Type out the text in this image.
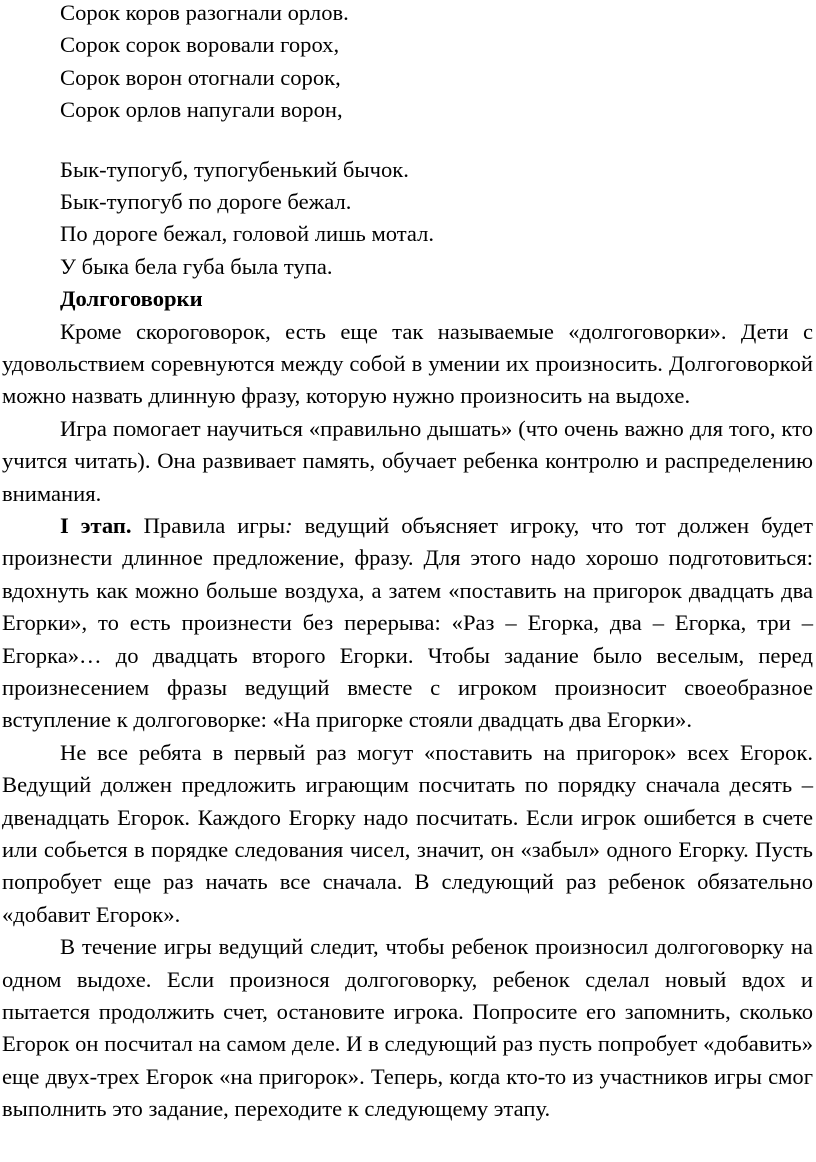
Сорок коров разогнали орлов.
Сорок сорок воровали горох,
Сорок ворон отогнали сорок,
Сорок орлов напугали ворон,
Бык-тупогуб, тупогубенький бычок.
Бык-тупогуб по дороге бежал.
По дороге бежал, головой лишь мотал.
У быка бела губа была тупа.
Долгоговорки

Кроме скороговорок, есть еще так называемые «долгоговорки». Дети с удовольствием соревнуются между собой в умении их произносить. Долгоговоркой можно назвать длинную фразу, которую нужно произносить на выдохе.

Игра помогает научиться «правильно дышать» (что очень важно для того, кто учится читать). Она развивает память, обучает ребенка контролю и распределению внимания.

I этап. Правила игры: ведущий объясняет игроку, что тот должен будет произнести длинное предложение, фразу. Для этого надо хорошо подготовиться: вдохнуть как можно больше воздуха, а затем «поставить на пригорок двадцать два Егорки», то есть произнести без перерыва: «Раз – Егорка, два – Егорка, три – Егорка»… до двадцать второго Егорки. Чтобы задание было веселым, перед произнесением фразы ведущий вместе с игроком произносит своеобразное вступление к долгоговорке: «На пригорке стояли двадцать два Егорки».

Не все ребята в первый раз могут «поставить на пригорок» всех Егорок. Ведущий должен предложить играющим посчитать по порядку сначала десять – двенадцать Егорок. Каждого Егорку надо посчитать. Если игрок ошибется в счете или собьется в порядке следования чисел, значит, он «забыл» одного Егорку. Пусть попробует еще раз начать все сначала. В следующий раз ребенок обязательно «добавит Егорок».

В течение игры ведущий следит, чтобы ребенок произносил долгоговорку на одном выдохе. Если произнося долгоговорку, ребенок сделал новый вдох и пытается продолжить счет, остановите игрока. Попросите его запомнить, сколько Егорок он посчитал на самом деле. И в следующий раз пусть попробует «добавить» еще двух-трех Егорок «на пригорок». Теперь, когда кто-то из участников игры смог выполнить это задание, переходите к следующему этапу.
